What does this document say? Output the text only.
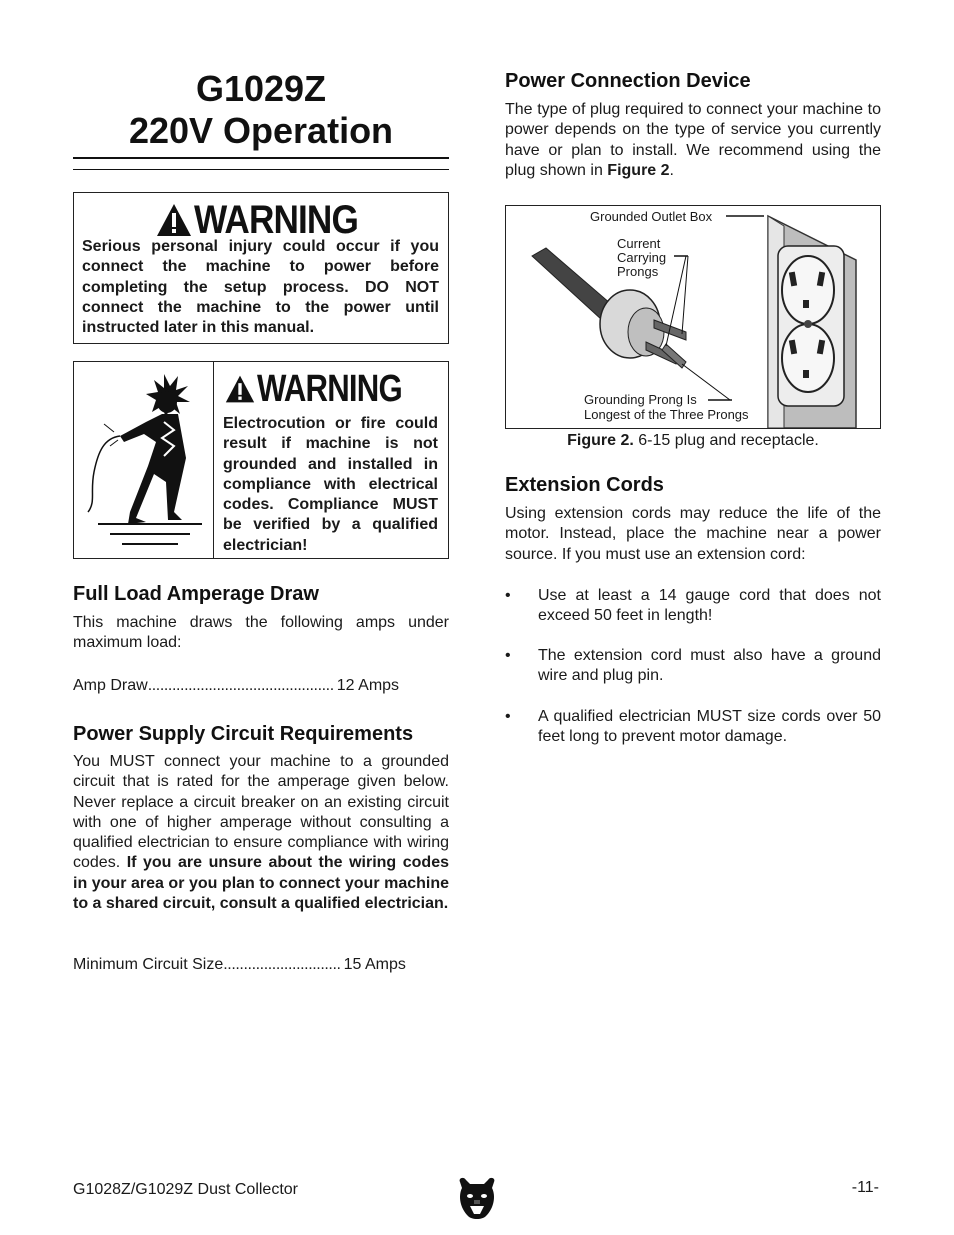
G1029Z
220V Operation
WARNING
Serious personal injury could occur if you connect the machine to power before completing the setup process. DO NOT connect the machine to the power until instructed later in this manual.
WARNING
Electrocution or fire could result if machine is not grounded and installed in compliance with electrical codes. Compliance MUST be verified by a qualified electrician!
Full Load Amperage Draw
This machine draws the following amps under maximum load:
Amp Draw.............................................. 12 Amps
Power Supply Circuit Requirements
You MUST connect your machine to a grounded circuit that is rated for the amperage given below. Never replace a circuit breaker on an existing circuit with one of higher amperage without consulting a qualified electrician to ensure compliance with wiring codes. If you are unsure about the wiring codes in your area or you plan to connect your machine to a shared circuit, consult a qualified electrician.
Minimum Circuit Size............................. 15 Amps
Power Connection Device
The type of plug required to connect your machine to power depends on the type of service you currently have or plan to install. We recommend using the plug shown in Figure 2.
Grounded Outlet Box
Current
Carrying
Prongs
Grounding Prong Is
Longest of the Three Prongs
Figure 2. 6-15 plug and receptacle.
Extension Cords
Using extension cords may reduce the life of the motor. Instead, place the machine near a power source. If you must use an extension cord:
• Use at least a 14 gauge cord that does not exceed 50 feet in length!
• The extension cord must also have a ground wire and plug pin.
• A qualified electrician MUST size cords over 50 feet long to prevent motor damage.
G1028Z/G1029Z Dust Collector	-11-
